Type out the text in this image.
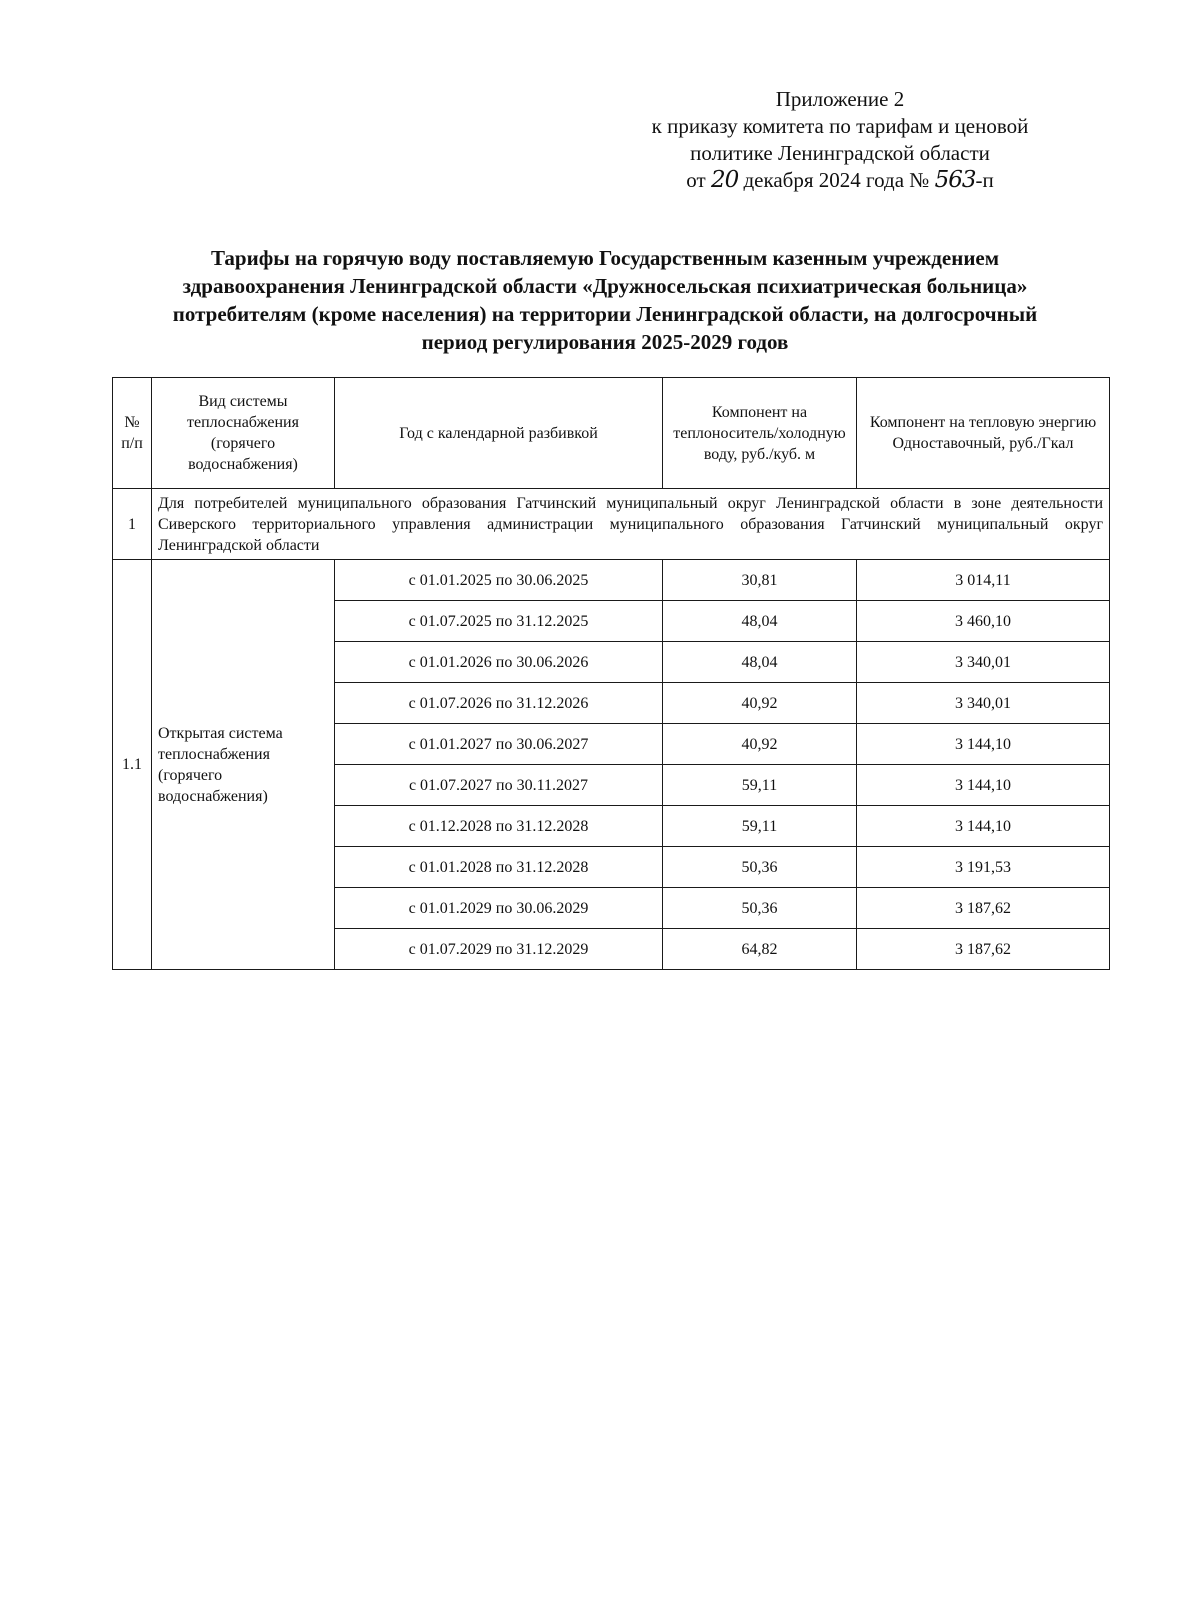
Приложение 2
к приказу комитета по тарифам и ценовой
политике Ленинградской области
от 20 декабря 2024 года № 563-п
Тарифы на горячую воду поставляемую Государственным казенным учреждением
здравоохранения Ленинградской области «Дружносельская психиатрическая больница»
потребителям (кроме населения) на территории Ленинградской области, на долгосрочный
период регулирования 2025-2029 годов
№ п/п	Вид системы теплоснабжения (горячего водоснабжения)	Год с календарной разбивкой	Компонент на теплоноситель/холодную воду, руб./куб. м	Компонент на тепловую энергию Одноставочный, руб./Гкал
1	Для потребителей муниципального образования Гатчинский муниципальный округ Ленинградской области в зоне деятельности Сиверского территориального управления администрации муниципального образования Гатчинский муниципальный округ Ленинградской области			
1.1	Открытая система теплоснабжения (горячего водоснабжения)	с 01.01.2025 по 30.06.2025	30,81	3 014,11
		с 01.07.2025 по 31.12.2025	48,04	3 460,10
		с 01.01.2026 по 30.06.2026	48,04	3 340,01
		с 01.07.2026 по 31.12.2026	40,92	3 340,01
		с 01.01.2027 по 30.06.2027	40,92	3 144,10
		с 01.07.2027 по 30.11.2027	59,11	3 144,10
		с 01.12.2028 по 31.12.2028	59,11	3 144,10
		с 01.01.2028 по 31.12.2028	50,36	3 191,53
		с 01.01.2029 по 30.06.2029	50,36	3 187,62
		с 01.07.2029 по 31.12.2029	64,82	3 187,62
